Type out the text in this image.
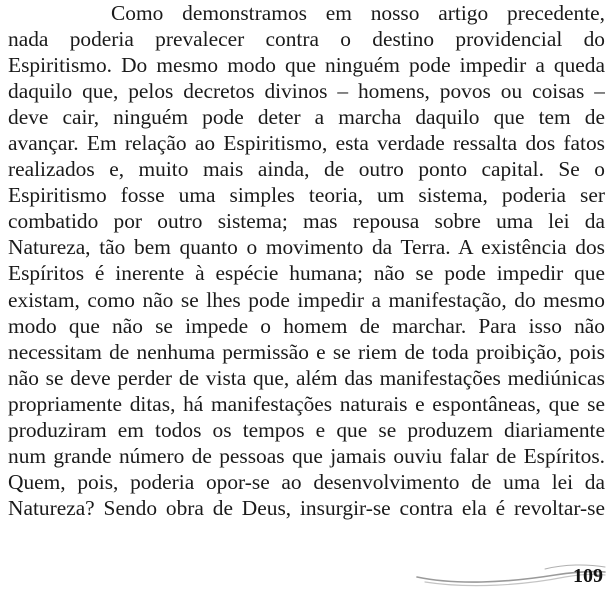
Como demonstramos em nosso artigo precedente,
nada poderia prevalecer contra o destino providencial do
Espiritismo. Do mesmo modo que ninguém pode impedir a queda
daquilo que, pelos decretos divinos – homens, povos ou coisas –
deve cair, ninguém pode deter a marcha daquilo que tem de
avançar. Em relação ao Espiritismo, esta verdade ressalta dos fatos
realizados e, muito mais ainda, de outro ponto capital. Se o
Espiritismo fosse uma simples teoria, um sistema, poderia ser
combatido por outro sistema; mas repousa sobre uma lei da
Natureza, tão bem quanto o movimento da Terra. A existência dos
Espíritos é inerente à espécie humana; não se pode impedir que
existam, como não se lhes pode impedir a manifestação, do mesmo
modo que não se impede o homem de marchar. Para isso não
necessitam de nenhuma permissão e se riem de toda proibição, pois
não se deve perder de vista que, além das manifestações mediúnicas
propriamente ditas, há manifestações naturais e espontâneas, que se
produziram em todos os tempos e que se produzem diariamente
num grande número de pessoas que jamais ouviu falar de Espíritos.
Quem, pois, poderia opor-se ao desenvolvimento de uma lei da
Natureza? Sendo obra de Deus, insurgir-se contra ela é revoltar-se
109
